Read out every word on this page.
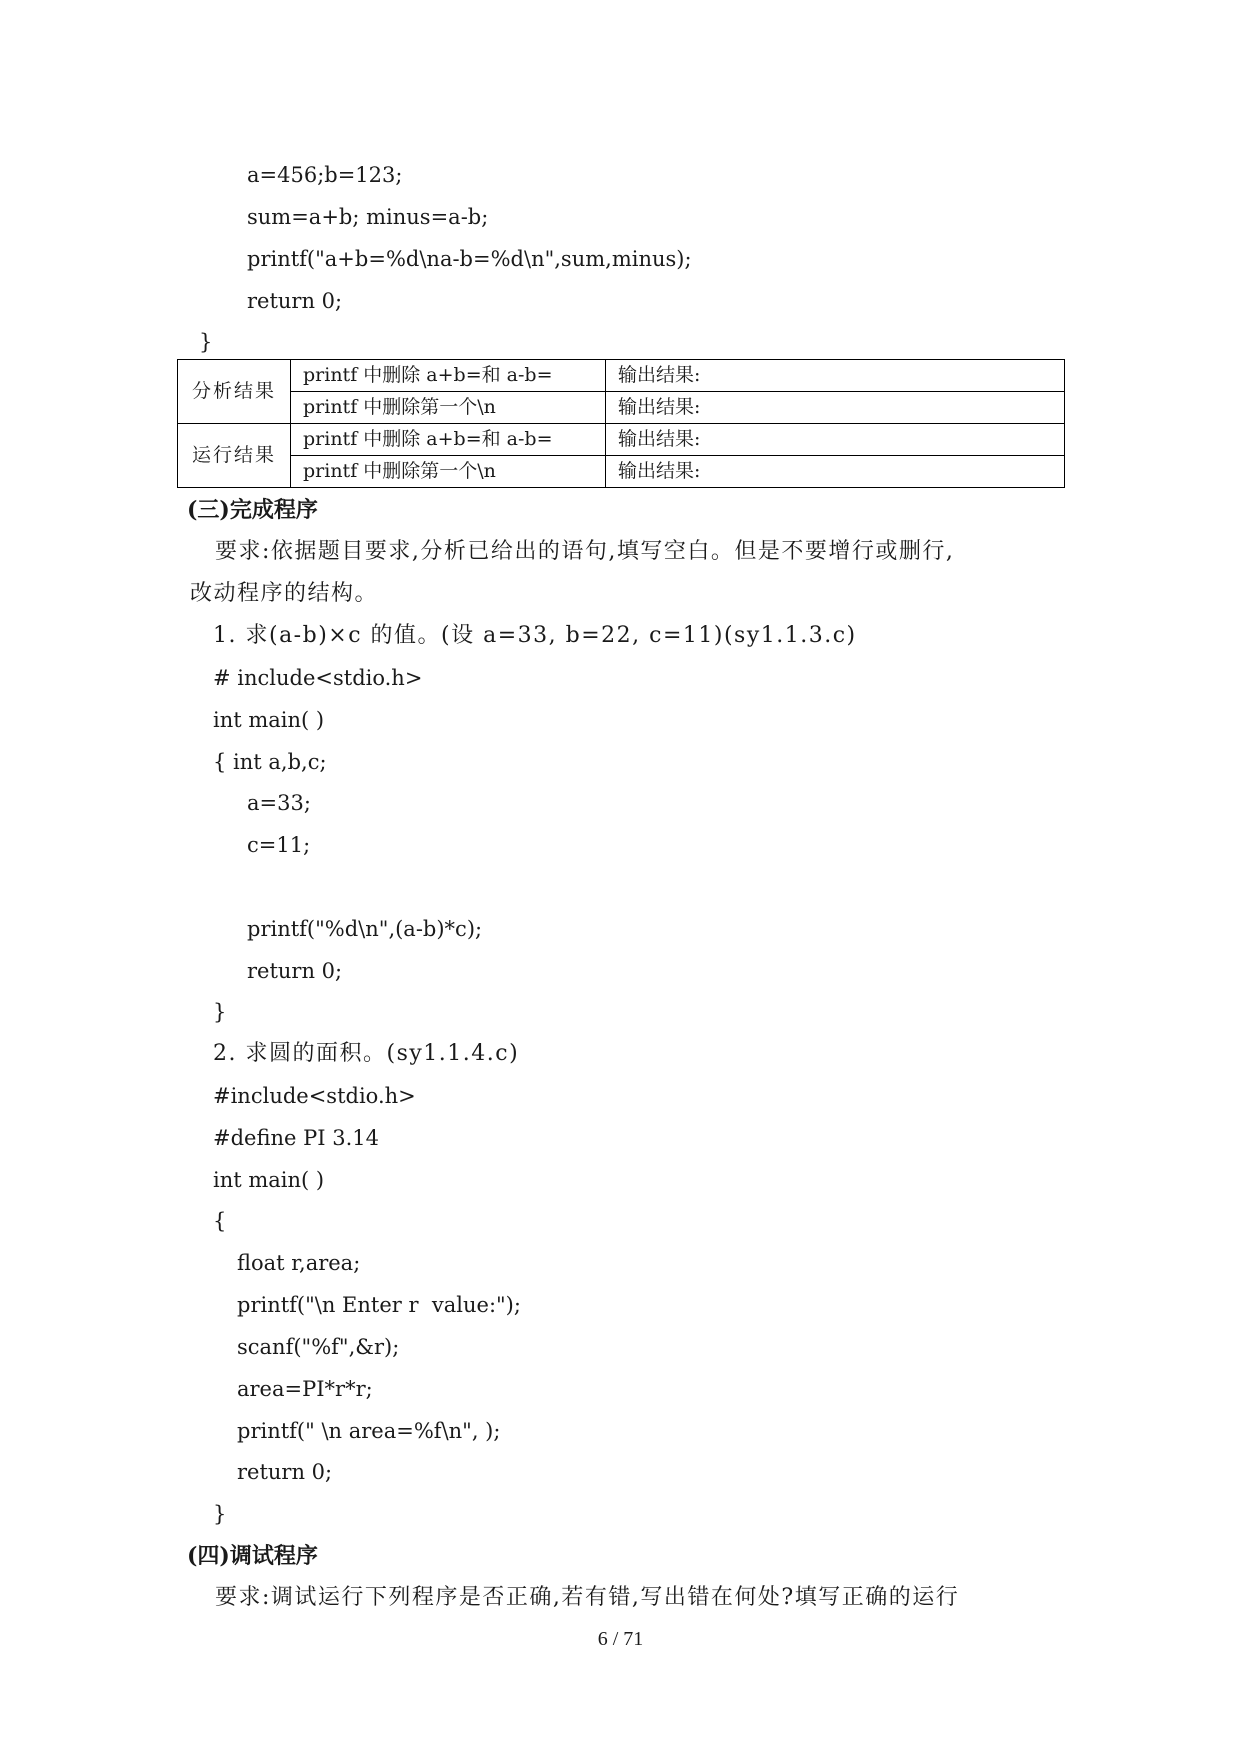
a=456;b=123;
sum=a+b; minus=a-b;
printf("a+b=%d\na-b=%d\n",sum,minus);
return 0;
}
分析结果	printf 中删除 a+b=和 a-b=	输出结果:
	printf 中删除第一个\n	输出结果:
运行结果	printf 中删除 a+b=和 a-b=	输出结果:
	printf 中删除第一个\n	输出结果:
(三)完成程序
要求:依据题目要求,分析已给出的语句,填写空白。但是不要增行或删行,
改动程序的结构。
1. 求(a-b)×c 的值。(设 a=33, b=22, c=11)(sy1.1.3.c)
# include<stdio.h>
int main( )
{ int a,b,c;
a=33;
c=11;
printf("%d\n",(a-b)*c);
return 0;
}
2. 求圆的面积。(sy1.1.4.c)
#include<stdio.h>
#define PI 3.14
int main( )
{
float r,area;
printf("\n Enter r  value:");
scanf("%f",&r);
area=PI*r*r;
printf(" \n area=%f\n", );
return 0;
}
(四)调试程序
要求:调试运行下列程序是否正确,若有错,写出错在何处?填写正确的运行
6 / 71
